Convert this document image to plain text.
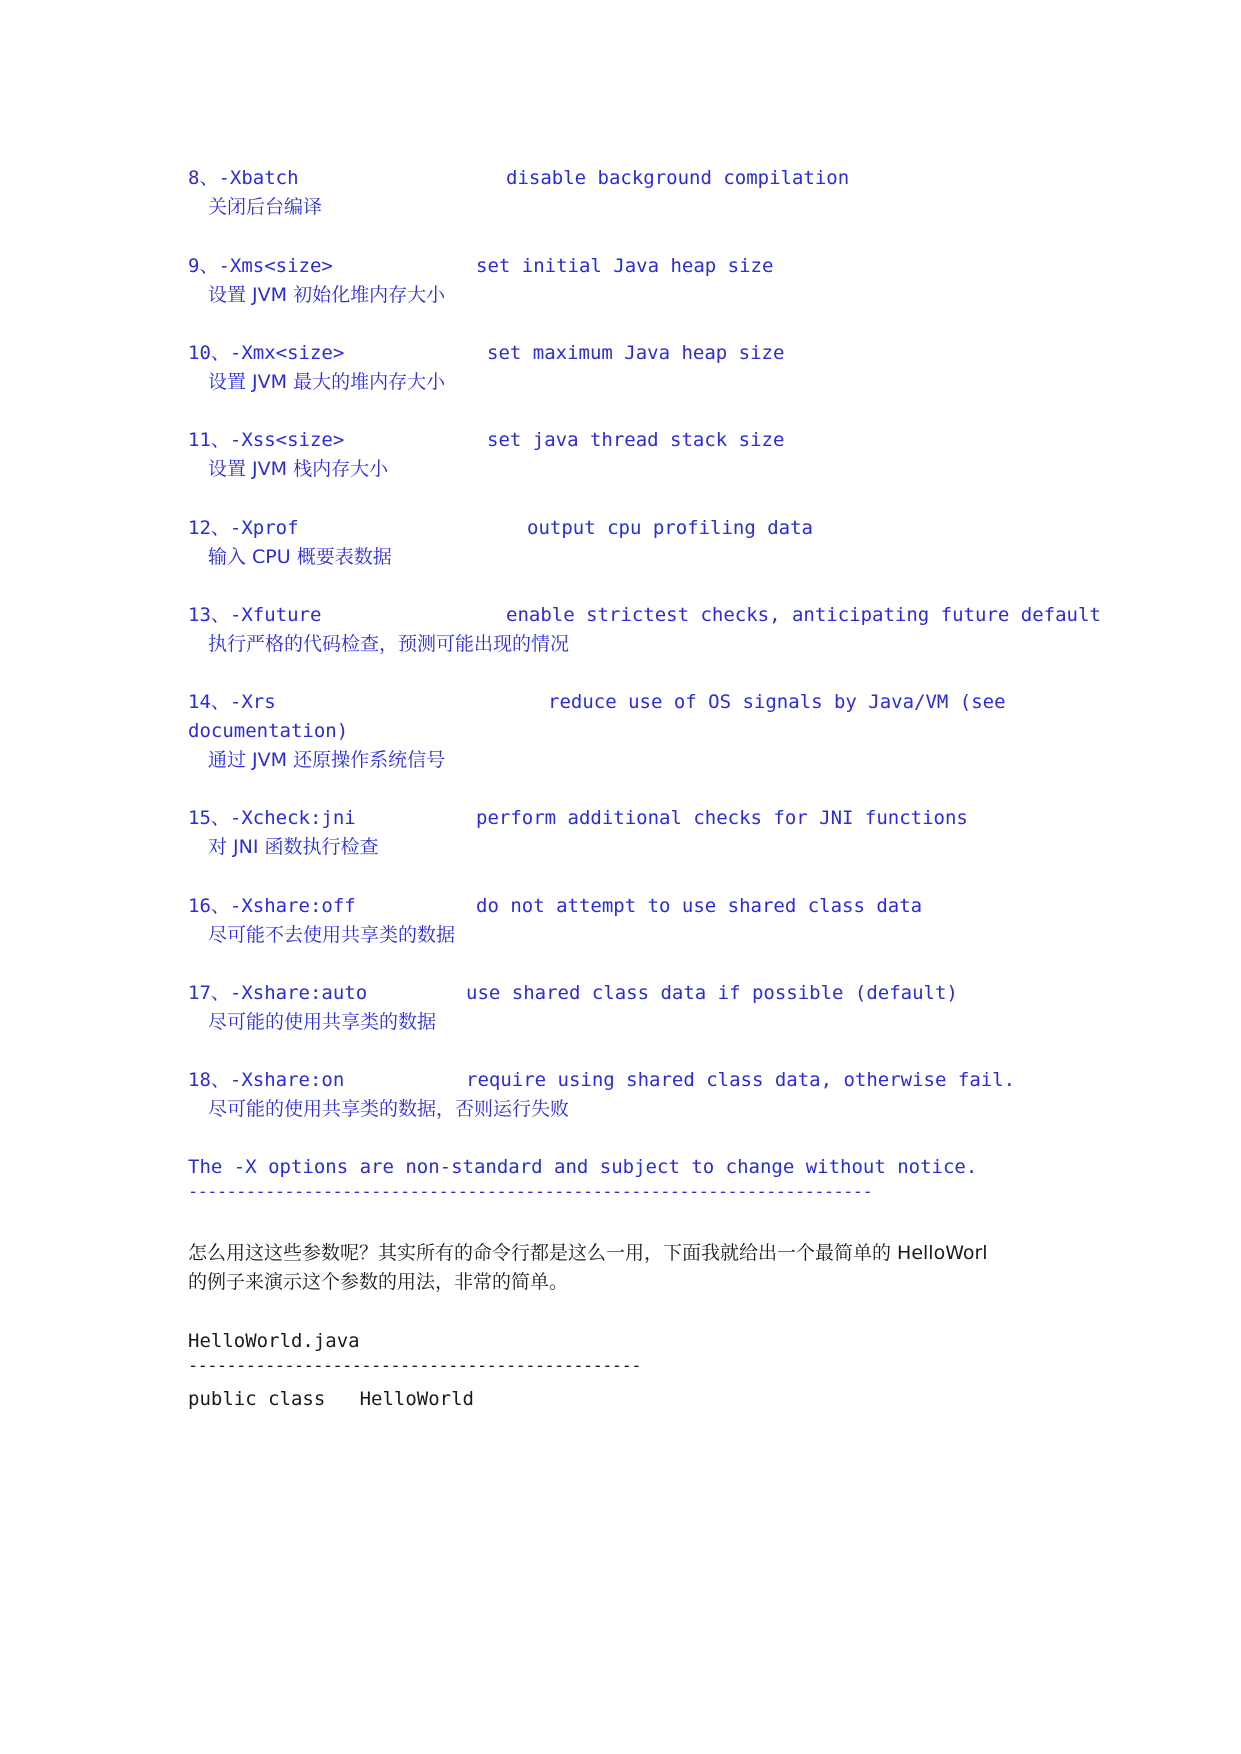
8、-Xbatch	disable background compilation
关闭后台编译
9、-Xms<size>	set initial Java heap size
设置 JVM 初始化堆内存大小
10、-Xmx<size>	set maximum Java heap size
设置 JVM 最大的堆内存大小
11、-Xss<size>	set java thread stack size
设置 JVM 栈内存大小
12、-Xprof	output cpu profiling data
输入 CPU 概要表数据
13、-Xfuture	enable strictest checks, anticipating future default
执行严格的代码检查，预测可能出现的情况
14、-Xrs	reduce use of OS signals by Java/VM (see
documentation)
通过 JVM 还原操作系统信号
15、-Xcheck:jni	perform additional checks for JNI functions
对 JNI 函数执行检查
16、-Xshare:off	do not attempt to use shared class data
尽可能不去使用共享类的数据
17、-Xshare:auto	use shared class data if possible (default)
尽可能的使用共享类的数据
18、-Xshare:on	require using shared class data, otherwise fail.
尽可能的使用共享类的数据，否则运行失败
The -X options are non-standard and subject to change without notice.
-----------------------------------------------------------------------
怎么用这这些参数呢？其实所有的命令行都是这么一用，下面我就给出一个最简单的 HelloWorl
的例子来演示这个参数的用法，非常的简单。
HelloWorld.java
-----------------------------------------------
public class   HelloWorld
